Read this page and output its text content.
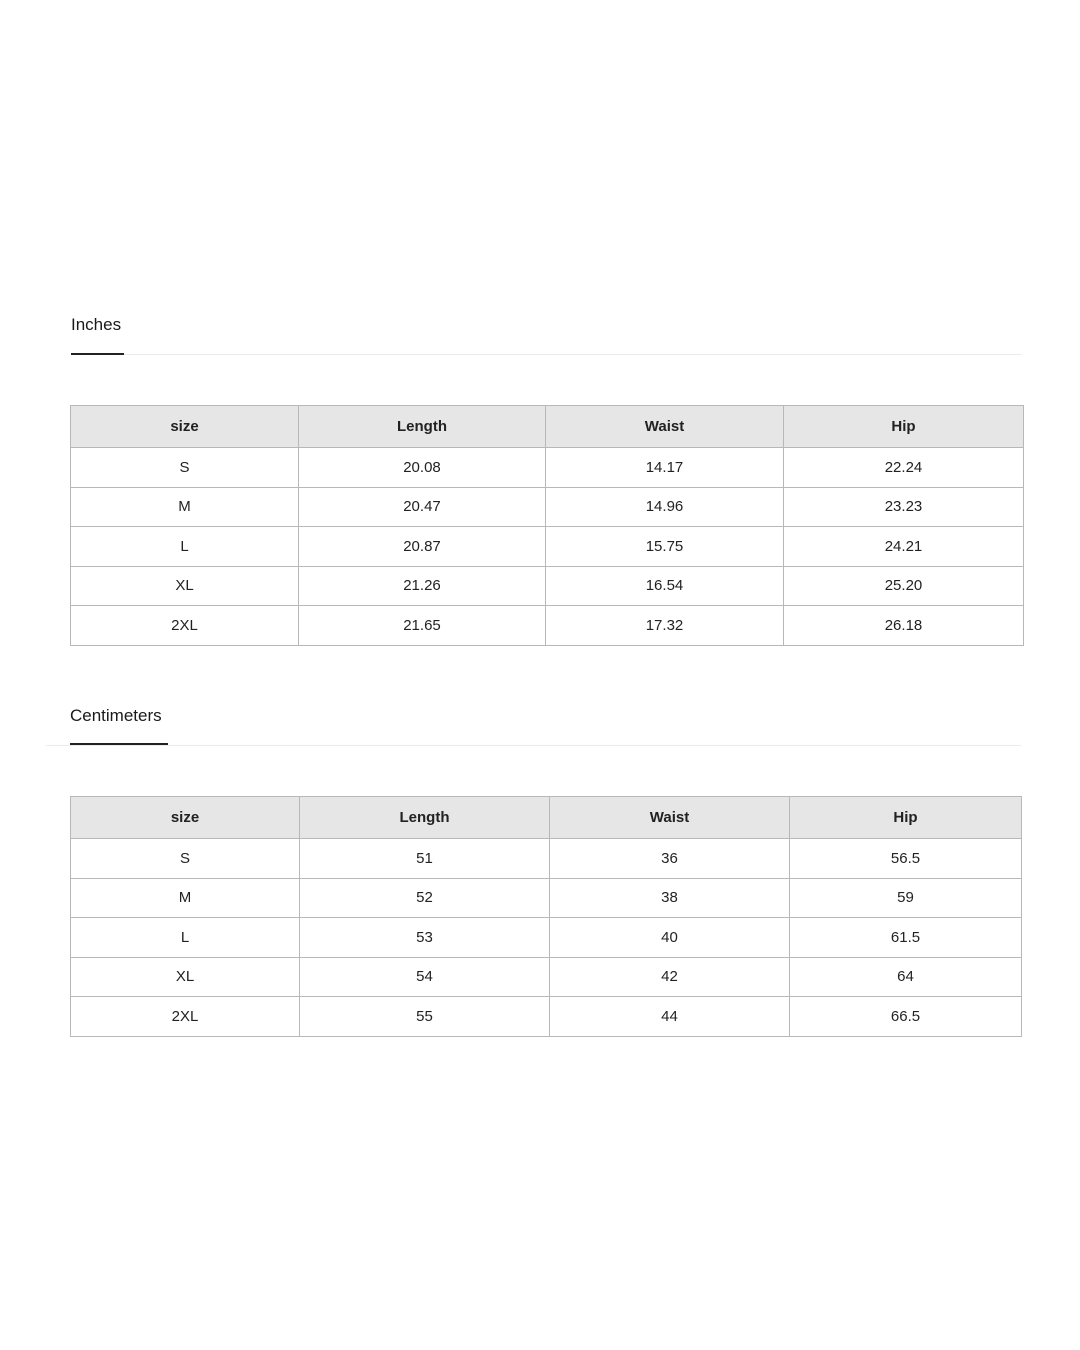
Inches
size	Length	Waist	Hip
S	20.08	14.17	22.24
M	20.47	14.96	23.23
L	20.87	15.75	24.21
XL	21.26	16.54	25.20
2XL	21.65	17.32	26.18
Centimeters
size	Length	Waist	Hip
S	51	36	56.5
M	52	38	59
L	53	40	61.5
XL	54	42	64
2XL	55	44	66.5
